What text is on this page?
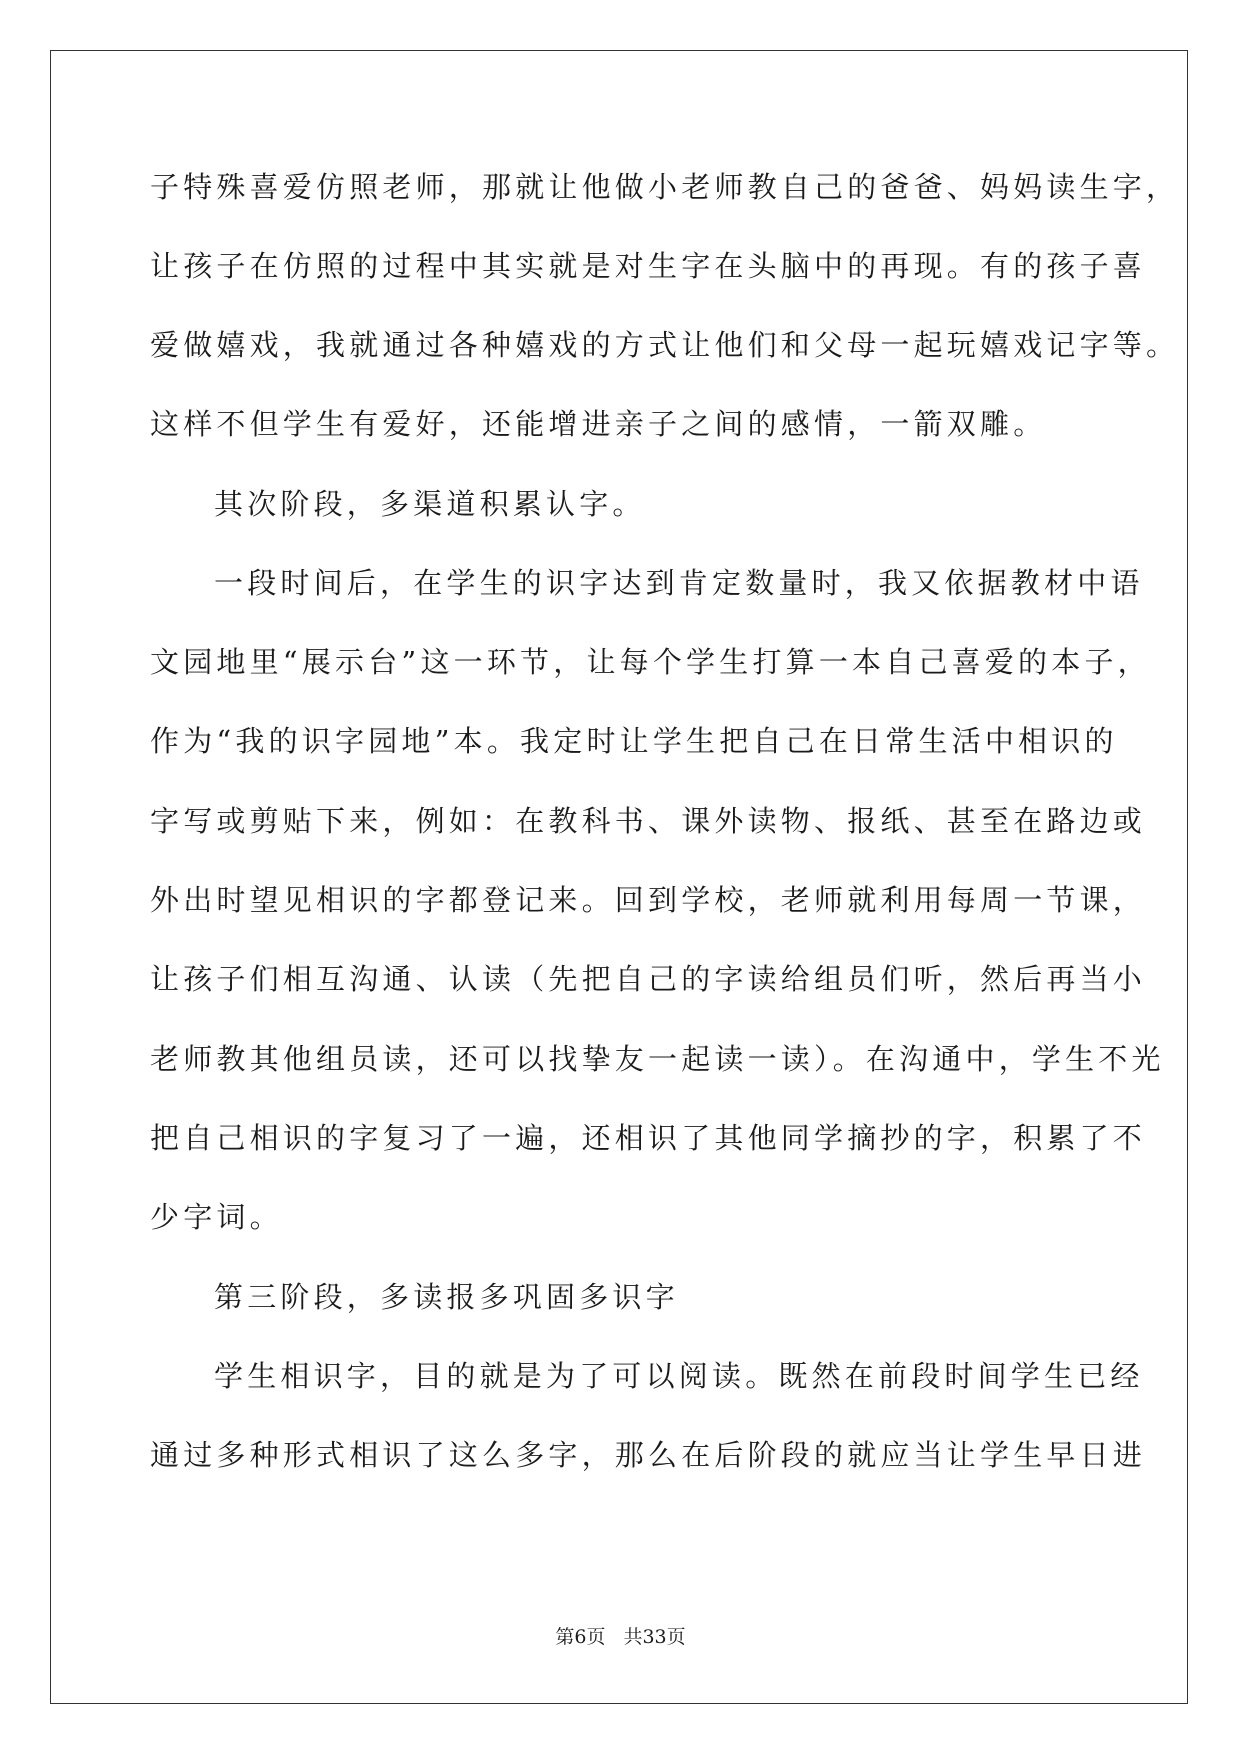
子特殊喜爱仿照老师，那就让他做小老师教自己的爸爸、妈妈读生字，
让孩子在仿照的过程中其实就是对生字在头脑中的再现。有的孩子喜
爱做嬉戏，我就通过各种嬉戏的方式让他们和父母一起玩嬉戏记字等。
这样不但学生有爱好，还能增进亲子之间的感情，一箭双雕。
其次阶段，多渠道积累认字。
一段时间后，在学生的识字达到肯定数量时，我又依据教材中语
文园地里“展示台”这一环节，让每个学生打算一本自己喜爱的本子，
作为“我的识字园地”本。我定时让学生把自己在日常生活中相识的
字写或剪贴下来，例如：在教科书、课外读物、报纸、甚至在路边或
外出时望见相识的字都登记来。回到学校，老师就利用每周一节课，
让孩子们相互沟通、认读（先把自己的字读给组员们听，然后再当小
老师教其他组员读，还可以找挚友一起读一读）。在沟通中，学生不光
把自己相识的字复习了一遍，还相识了其他同学摘抄的字，积累了不
少字词。
第三阶段，多读报多巩固多识字
学生相识字，目的就是为了可以阅读。既然在前段时间学生已经
通过多种形式相识了这么多字，那么在后阶段的就应当让学生早日进
第6页 共33页
